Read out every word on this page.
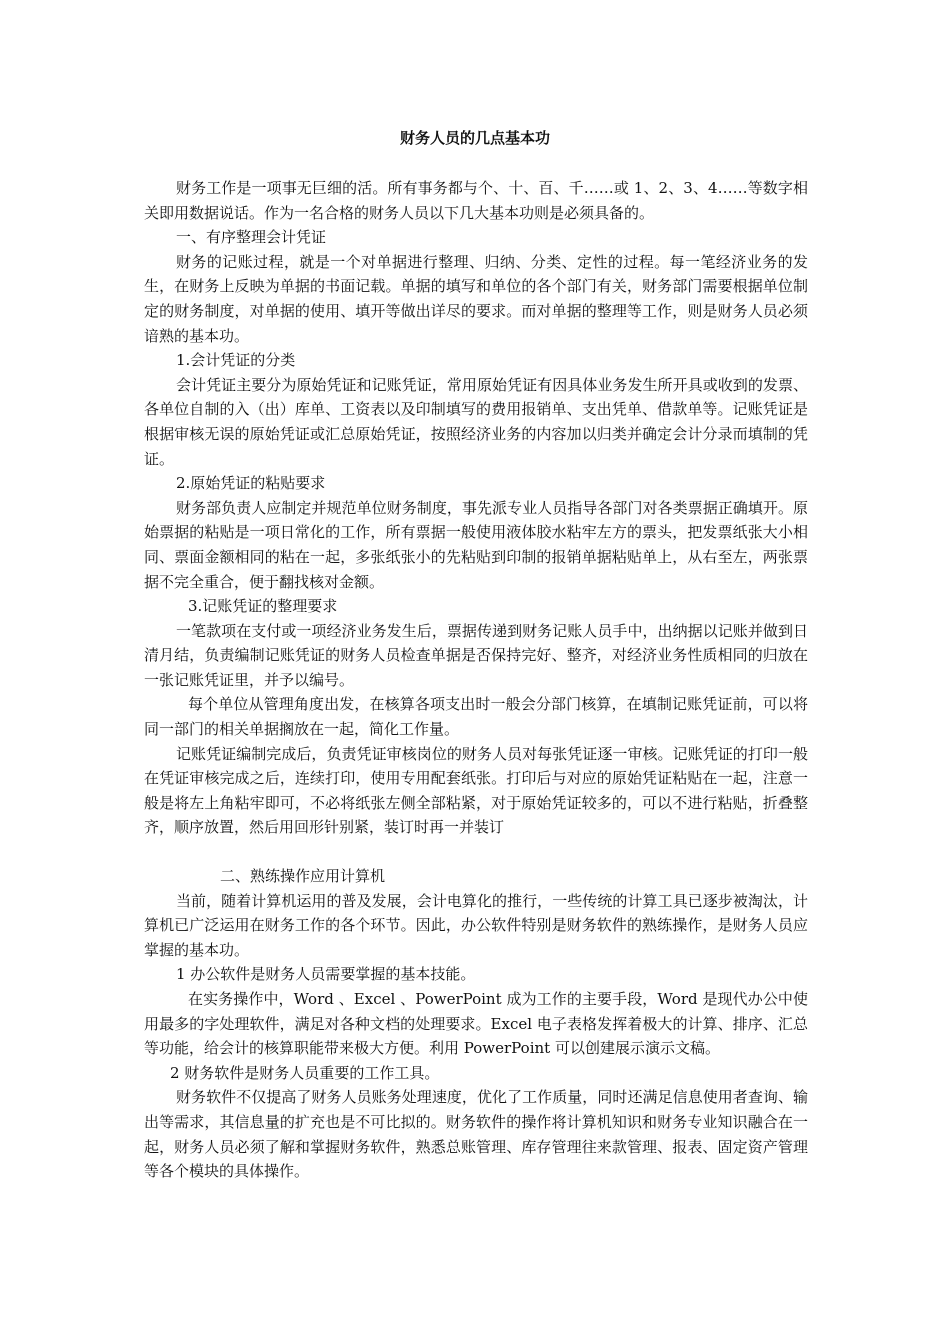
财务人员的几点基本功

财务工作是一项事无巨细的活。所有事务都与个、十、百、千……或 1、2、3、4……等数字相关即用数据说话。作为一名合格的财务人员以下几大基本功则是必须具备的。

一、有序整理会计凭证

财务的记账过程，就是一个对单据进行整理、归纳、分类、定性的过程。每一笔经济业务的发生，在财务上反映为单据的书面记载。单据的填写和单位的各个部门有关，财务部门需要根据单位制定的财务制度，对单据的使用、填开等做出详尽的要求。而对单据的整理等工作，则是财务人员必须谙熟的基本功。

1.会计凭证的分类

会计凭证主要分为原始凭证和记账凭证，常用原始凭证有因具体业务发生所开具或收到的发票、各单位自制的入（出）库单、工资表以及印制填写的费用报销单、支出凭单、借款单等。记账凭证是根据审核无误的原始凭证或汇总原始凭证，按照经济业务的内容加以归类并确定会计分录而填制的凭证。

2.原始凭证的粘贴要求

财务部负责人应制定并规范单位财务制度，事先派专业人员指导各部门对各类票据正确填开。原始票据的粘贴是一项日常化的工作，所有票据一般使用液体胶水粘牢左方的票头，把发票纸张大小相同、票面金额相同的粘在一起，多张纸张小的先粘贴到印制的报销单据粘贴单上，从右至左，两张票据不完全重合，便于翻找核对金额。

3.记账凭证的整理要求

一笔款项在支付或一项经济业务发生后，票据传递到财务记账人员手中，出纳据以记账并做到日清月结，负责编制记账凭证的财务人员检查单据是否保持完好、整齐，对经济业务性质相同的归放在一张记账凭证里，并予以编号。

每个单位从管理角度出发，在核算各项支出时一般会分部门核算，在填制记账凭证前，可以将同一部门的相关单据搁放在一起，简化工作量。

记账凭证编制完成后，负责凭证审核岗位的财务人员对每张凭证逐一审核。记账凭证的打印一般在凭证审核完成之后，连续打印，使用专用配套纸张。打印后与对应的原始凭证粘贴在一起，注意一般是将左上角粘牢即可，不必将纸张左侧全部粘紧，对于原始凭证较多的，可以不进行粘贴，折叠整齐，顺序放置，然后用回形针别紧，装订时再一并装订

二、熟练操作应用计算机

当前，随着计算机运用的普及发展，会计电算化的推行，一些传统的计算工具已逐步被淘汰，计算机已广泛运用在财务工作的各个环节。因此，办公软件特别是财务软件的熟练操作，是财务人员应掌握的基本功。

1 办公软件是财务人员需要掌握的基本技能。

在实务操作中，Word 、Excel 、PowerPoint 成为工作的主要手段，Word 是现代办公中使用最多的字处理软件，满足对各种文档的处理要求。Excel 电子表格发挥着极大的计算、排序、汇总等功能，给会计的核算职能带来极大方便。利用 PowerPoint 可以创建展示演示文稿。

2 财务软件是财务人员重要的工作工具。

财务软件不仅提高了财务人员账务处理速度，优化了工作质量，同时还满足信息使用者查询、输出等需求，其信息量的扩充也是不可比拟的。财务软件的操作将计算机知识和财务专业知识融合在一起，财务人员必须了解和掌握财务软件，熟悉总账管理、库存管理往来款管理、报表、固定资产管理等各个模块的具体操作。
